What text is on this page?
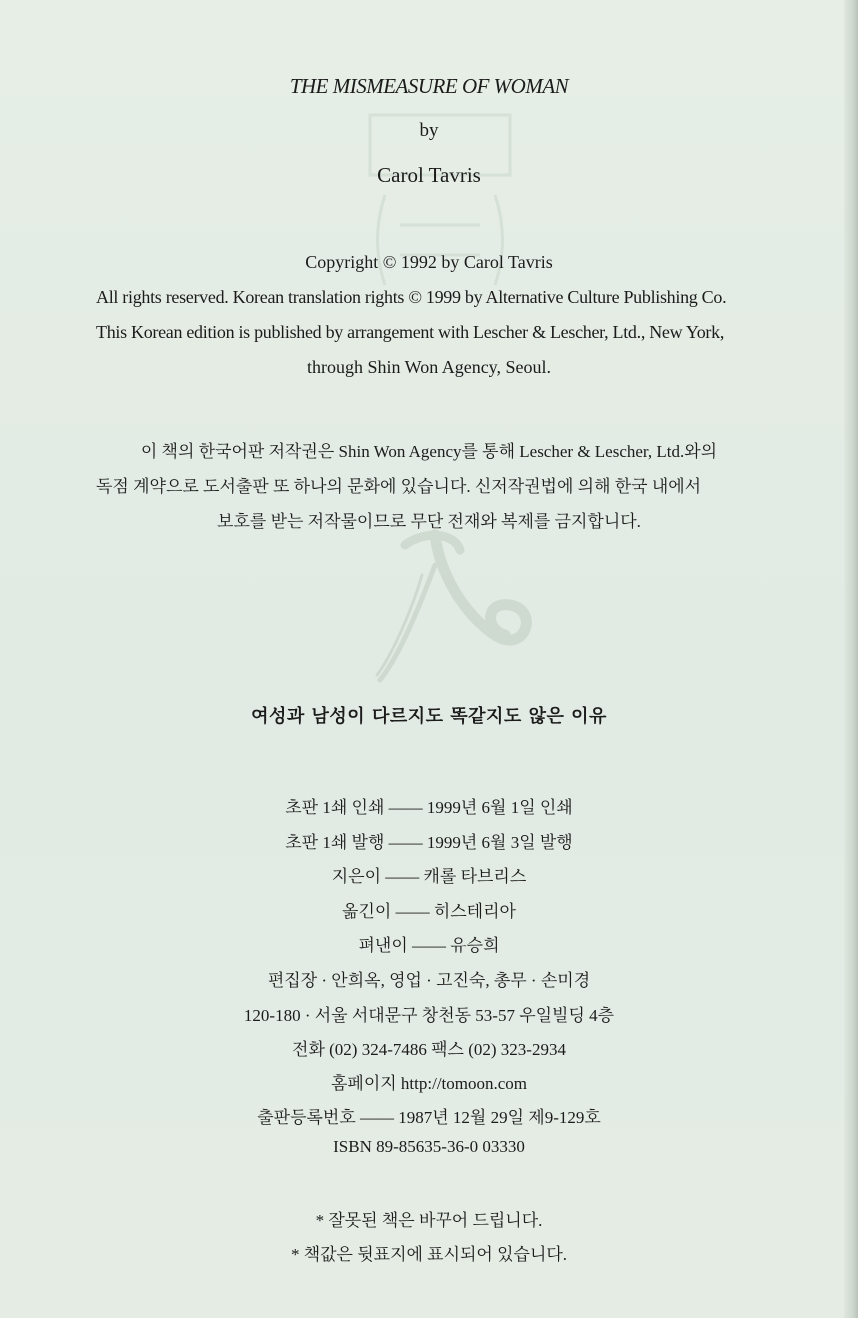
THE MISMEASURE OF WOMAN
by
Carol Tavris
Copyright © 1992 by Carol Tavris
All rights reserved. Korean translation rights © 1999 by Alternative Culture Publishing Co.
This Korean edition is published by arrangement with Lescher & Lescher, Ltd., New York,
through Shin Won Agency, Seoul.
이 책의 한국어판 저작권은 Shin Won Agency를 통해 Lescher & Lescher, Ltd.와의
독점 계약으로 도서출판 또 하나의 문화에 있습니다. 신저작권법에 의해 한국 내에서
보호를 받는 저작물이므로 무단 전재와 복제를 금지합니다.
여성과 남성이 다르지도 똑같지도 않은 이유
초판 1쇄 인쇄 —— 1999년 6월 1일 인쇄
초판 1쇄 발행 —— 1999년 6월 3일 발행
지은이 —— 캐롤 타브리스
옮긴이 —— 히스테리아
펴낸이 —— 유승희
편집장 · 안희옥, 영업 · 고진숙, 총무 · 손미경
120-180 · 서울 서대문구 창천동 53-57 우일빌딩 4층
전화 (02) 324-7486 팩스 (02) 323-2934
홈페이지 http://tomoon.com
출판등록번호 —— 1987년 12월 29일 제9-129호
ISBN 89-85635-36-0 03330
* 잘못된 책은 바꾸어 드립니다.
* 책값은 뒷표지에 표시되어 있습니다.
